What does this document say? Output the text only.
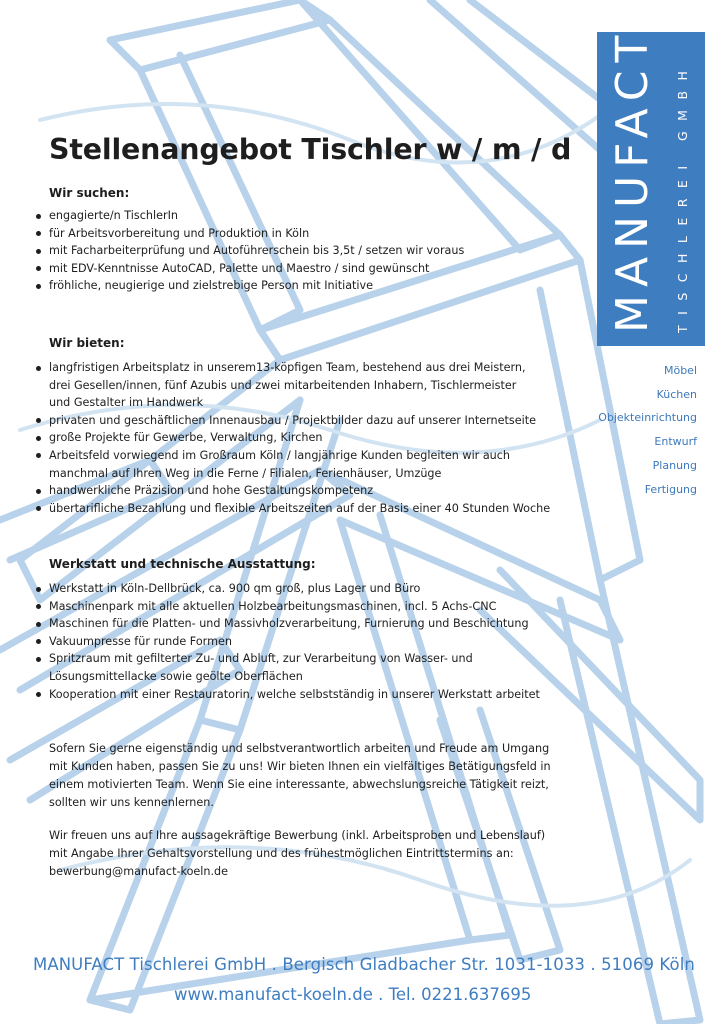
MANUFACT	TISCHLEREI GMBH
Möbel
Küchen
Objekteinrichtung
Entwurf
Planung
Fertigung
Stellenangebot Tischler w / m / d
Wir suchen:
engagierte/n TischlerIn
für Arbeitsvorbereitung und Produktion in Köln
mit Facharbeiterprüfung und Autoführerschein bis 3,5t / setzen wir voraus
mit EDV-Kenntnisse AutoCAD, Palette und Maestro / sind gewünscht
fröhliche, neugierige und zielstrebige Person mit Initiative
Wir bieten:
langfristigen Arbeitsplatz in unserem13-köpfigen Team, bestehend aus drei Meistern,
drei Gesellen/innen, fünf Azubis und zwei mitarbeitenden Inhabern, Tischlermeister
und Gestalter im Handwerk
privaten und geschäftlichen Innenausbau / Projektbilder dazu auf unserer Internetseite
große Projekte für Gewerbe, Verwaltung, Kirchen
Arbeitsfeld vorwiegend im Großraum Köln / langjährige Kunden begleiten wir auch
manchmal auf Ihren Weg in die Ferne / Filialen, Ferienhäuser, Umzüge
handwerkliche Präzision und hohe Gestaltungskompetenz
übertarifliche Bezahlung und flexible Arbeitszeiten auf der Basis einer 40 Stunden Woche
Werkstatt und technische Ausstattung:
Werkstatt in Köln-Dellbrück, ca. 900 qm groß, plus Lager und Büro
Maschinenpark mit alle aktuellen Holzbearbeitungsmaschinen, incl. 5 Achs-CNC
Maschinen für die Platten- und Massivholzverarbeitung, Furnierung und Beschichtung
Vakuumpresse für runde Formen
Spritzraum mit gefilterter Zu- und Abluft, zur Verarbeitung von Wasser- und
Lösungsmittellacke sowie geölte Oberflächen
Kooperation mit einer Restauratorin, welche selbstständig in unserer Werkstatt arbeitet
Sofern Sie gerne eigenständig und selbstverantwortlich arbeiten und Freude am Umgang
mit Kunden haben, passen Sie zu uns! Wir bieten Ihnen ein vielfältiges Betätigungsfeld in
einem motivierten Team. Wenn Sie eine interessante, abwechslungsreiche Tätigkeit reizt,
sollten wir uns kennenlernen.
Wir freuen uns auf Ihre aussagekräftige Bewerbung (inkl. Arbeitsproben und Lebenslauf)
mit Angabe Ihrer Gehaltsvorstellung und des frühestmöglichen Eintrittstermins an:
bewerbung@manufact-koeln.de

MANUFACT Tischlerei GmbH . Bergisch Gladbacher Str. 1031-1033 . 51069 Köln

www.manufact-koeln.de . Tel. 0221.637695
